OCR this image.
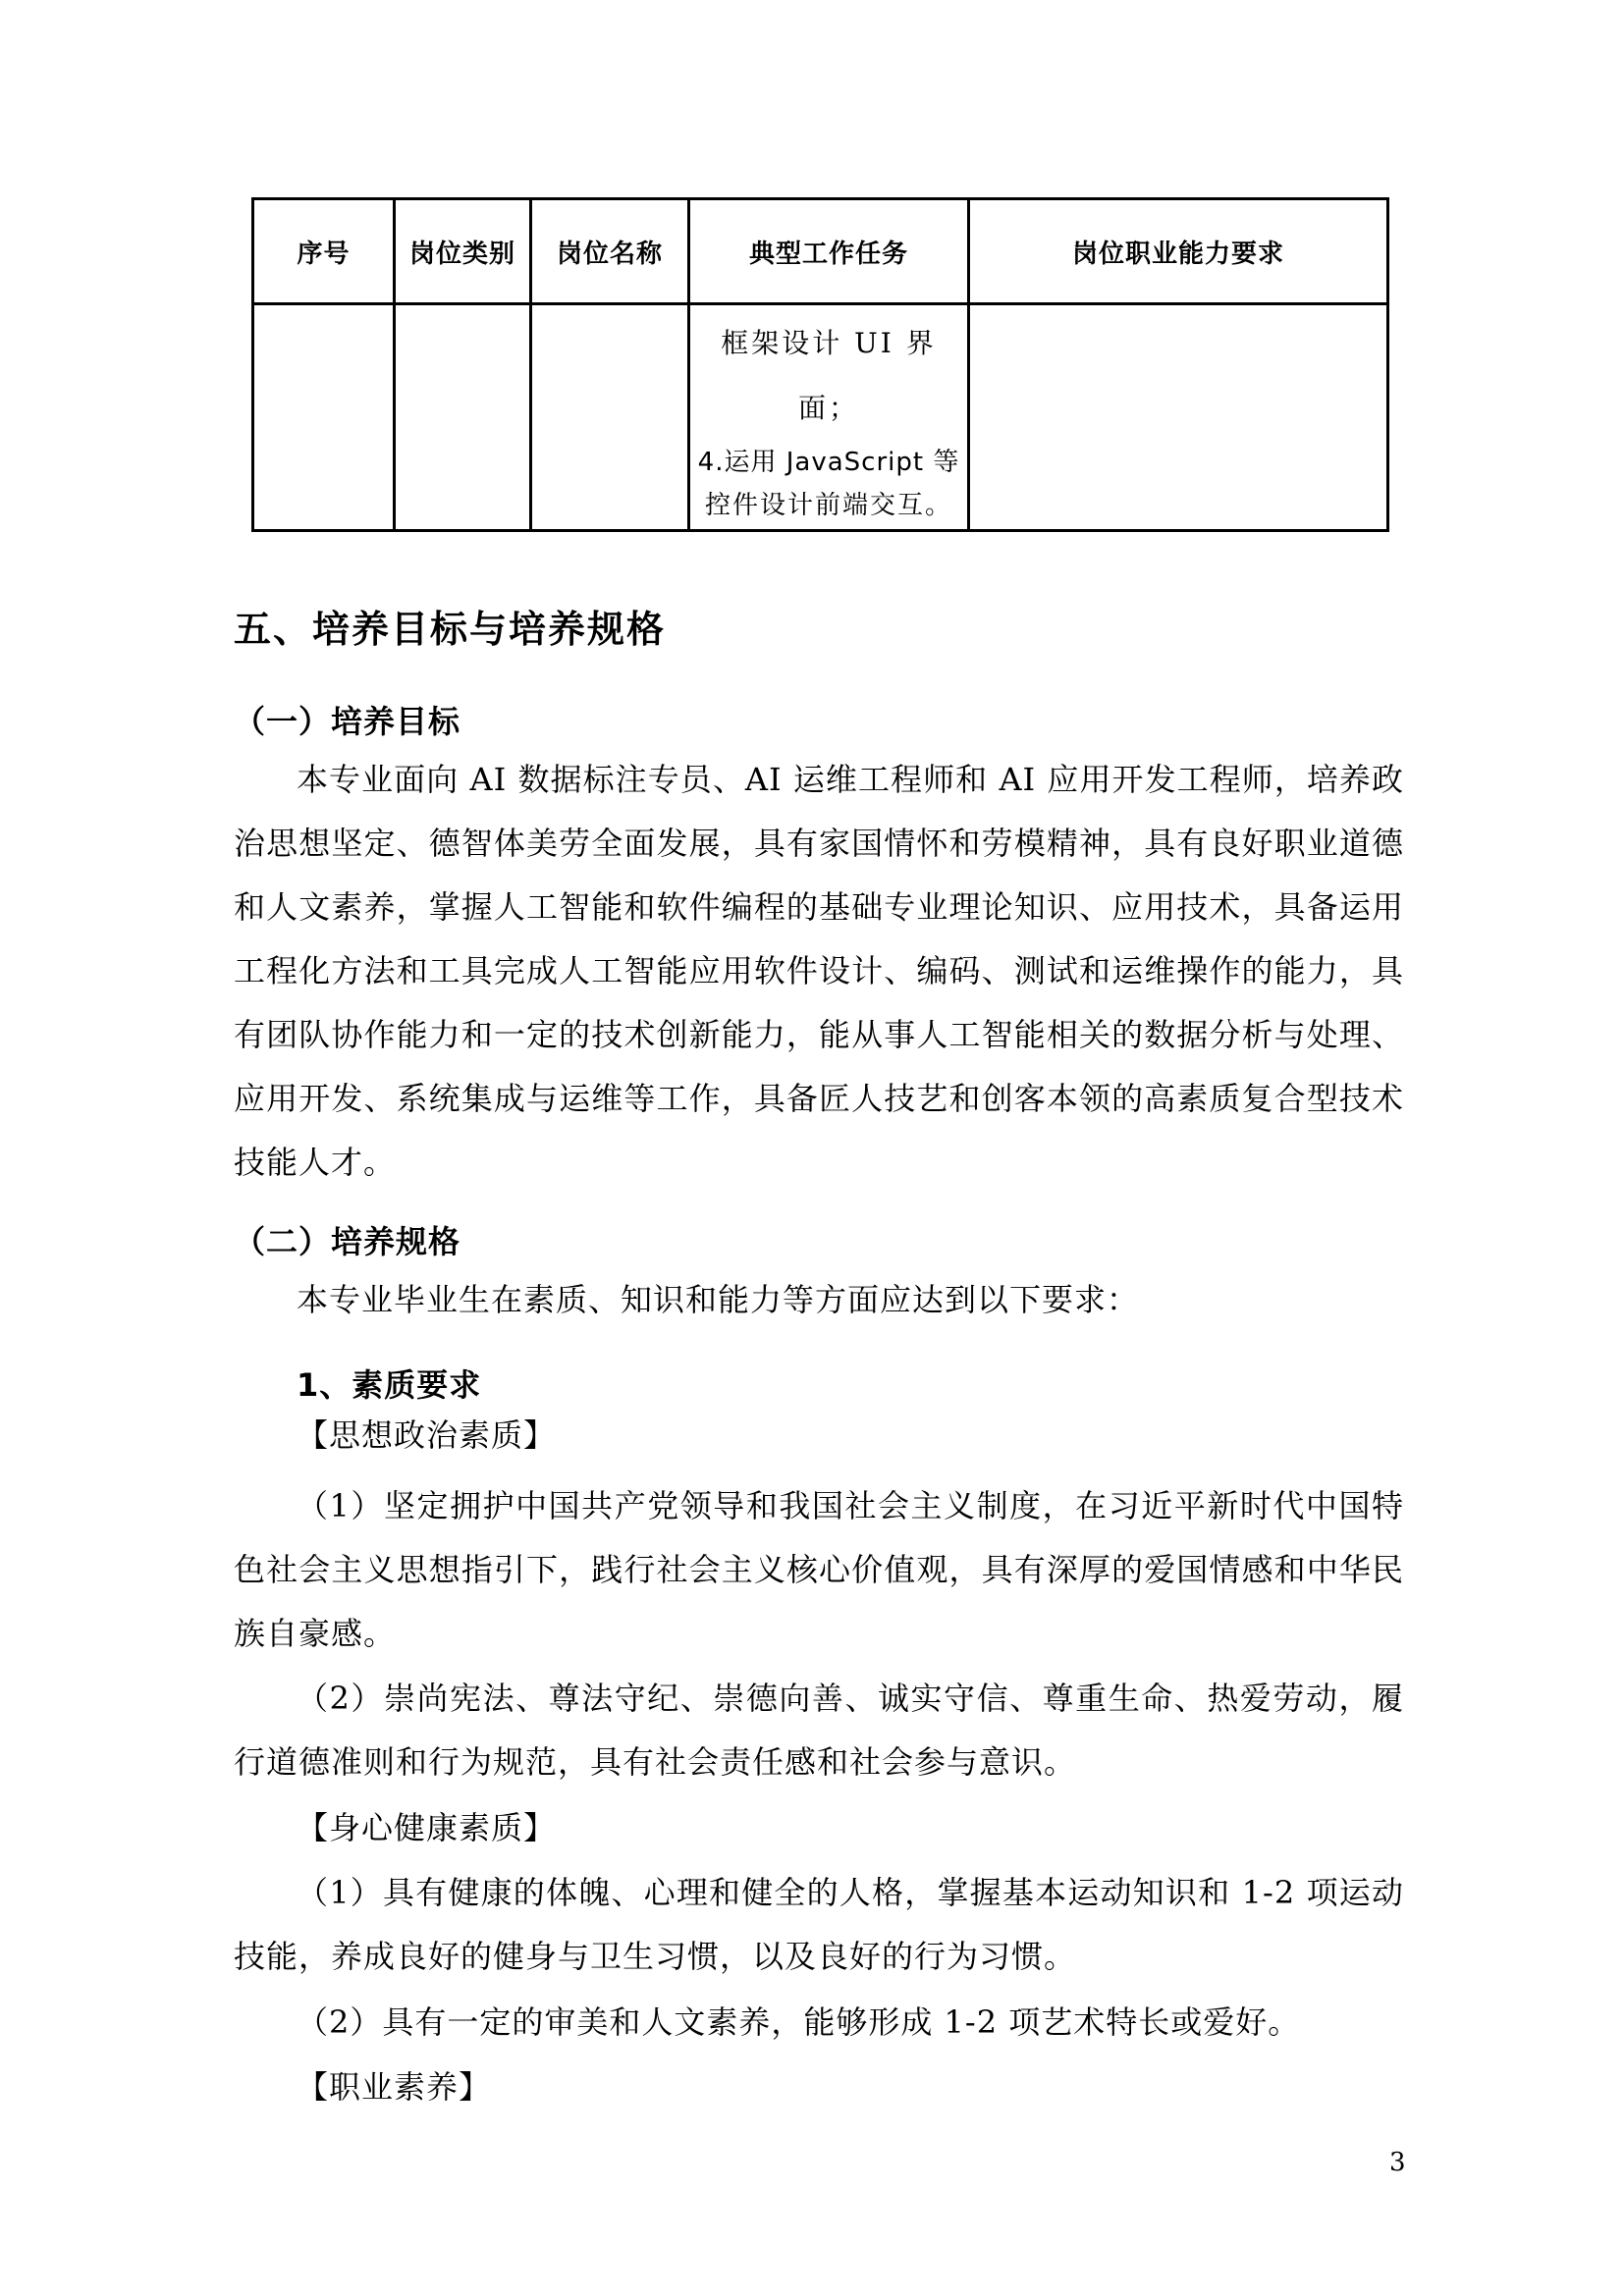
序号	岗位类别	岗位名称	典型工作任务	岗位职业能力要求

			框架设计 UI 界
面；
4.运用 JavaScript 等
控件设计前端交互。	

五、培养目标与培养规格
（一）培养目标
本专业面向 AI 数据标注专员、AI 运维工程师和 AI 应用开发工程师，培养政治思想坚定、德智体美劳全面发展，具有家国情怀和劳模精神，具有良好职业道德和人文素养，掌握人工智能和软件编程的基础专业理论知识、应用技术，具备运用工程化方法和工具完成人工智能应用软件设计、编码、测试和运维操作的能力，具有团队协作能力和一定的技术创新能力，能从事人工智能相关的数据分析与处理、应用开发、系统集成与运维等工作，具备匠人技艺和创客本领的高素质复合型技术技能人才。
（二）培养规格
本专业毕业生在素质、知识和能力等方面应达到以下要求：
1、素质要求
【思想政治素质】
（1）坚定拥护中国共产党领导和我国社会主义制度，在习近平新时代中国特色社会主义思想指引下，践行社会主义核心价值观，具有深厚的爱国情感和中华民族自豪感。
（2）崇尚宪法、尊法守纪、崇德向善、诚实守信、尊重生命、热爱劳动，履行道德准则和行为规范，具有社会责任感和社会参与意识。
【身心健康素质】
（1）具有健康的体魄、心理和健全的人格，掌握基本运动知识和 1-2 项运动技能，养成良好的健身与卫生习惯，以及良好的行为习惯。
（2）具有一定的审美和人文素养，能够形成 1-2 项艺术特长或爱好。
【职业素养】
3
